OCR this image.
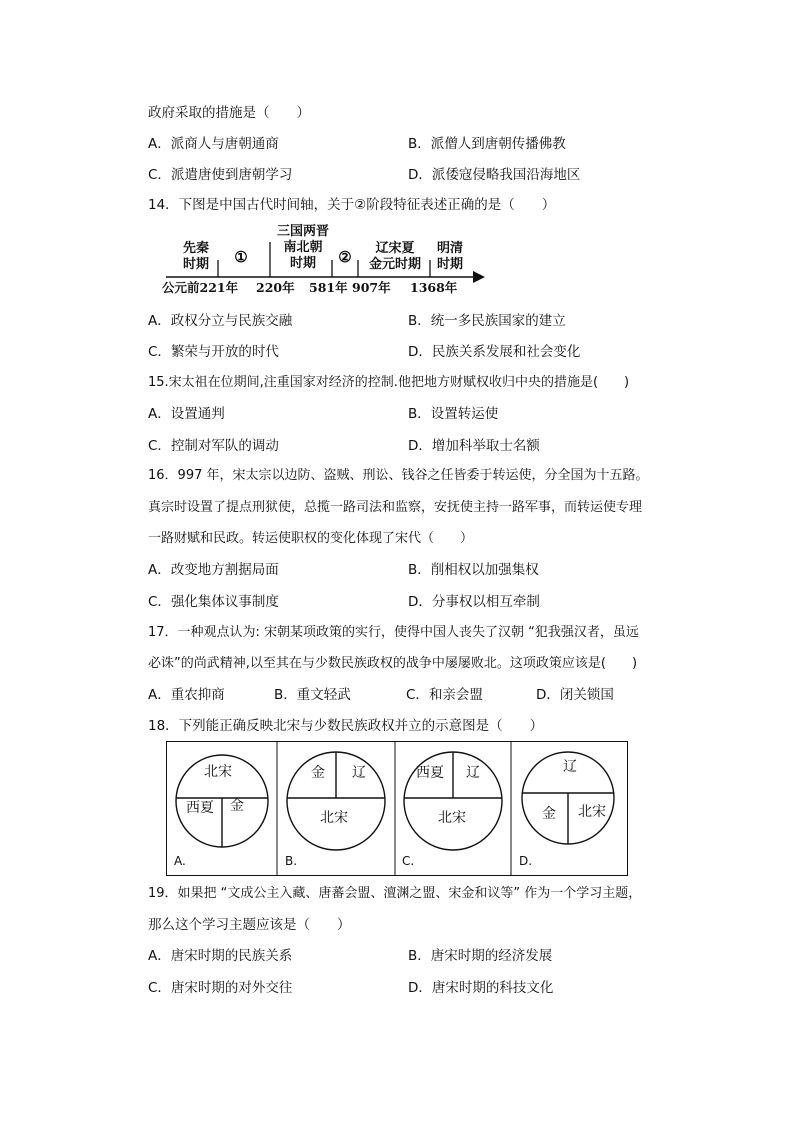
政府采取的措施是（　　）
A．派商人与唐朝通商	B．派僧人到唐朝传播佛教
C．派遣唐使到唐朝学习	D．派倭寇侵略我国沿海地区
14．下图是中国古代时间轴，关于②阶段特征表述正确的是（　　）
先秦
时期	①
三国两晋
南北朝
时期	②	辽宋夏
金元时期
明清
时期
公元前221年 220年 581年 907年 1368年
A．政权分立与民族交融	B．统一多民族国家的建立
C．繁荣与开放的时代	D．民族关系发展和社会变化
15.宋太祖在位期间,注重国家对经济的控制.他把地方财赋权收归中央的措施是(　　)
A．设置通判	B．设置转运使
C．控制对军队的调动	D．增加科举取士名额
16．997 年，宋太宗以边防、盗贼、刑讼、钱谷之任皆委于转运使，分全国为十五路。
真宗时设置了提点刑狱使，总揽一路司法和监察，安抚使主持一路军事，而转运使专理
一路财赋和民政。转运使职权的变化体现了宋代（　　）
A．改变地方割据局面	B．削相权以加强集权
C．强化集体议事制度	D．分事权以相互牵制
17．一种观点认为: 宋朝某项政策的实行，使得中国人丧失了汉朝 “犯我强汉者，虽远
必诛”的尚武精神,以至其在与少数民族政权的战争中屡屡败北。这项政策应该是(　　)
A．重农抑商	B．重文轻武	C．和亲会盟	D．闭关锁国
18．下列能正确反映北宋与少数民族政权并立的示意图是（　　）
北宋
西夏 金
A.
金 辽
北宋
B.
西夏 辽
北宋
C.
辽
金 北宋
D.
19．如果把 “文成公主入藏、唐蕃会盟、澶渊之盟、宋金和议等” 作为一个学习主题，
那么这个学习主题应该是（　　）
A．唐宋时期的民族关系	B．唐宋时期的经济发展
C．唐宋时期的对外交往	D．唐宋时期的科技文化
